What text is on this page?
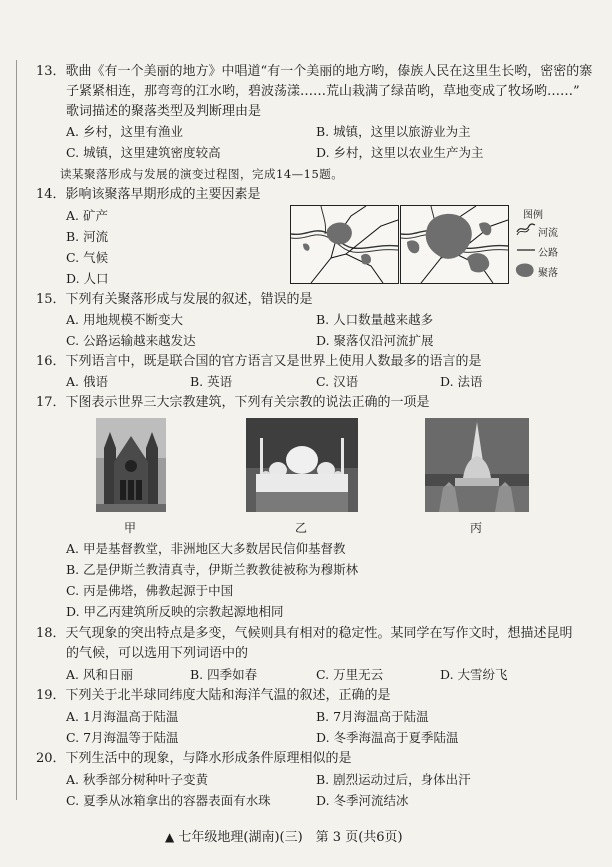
13．歌曲《有一个美丽的地方》中唱道“有一个美丽的地方哟，傣族人民在这里生长哟，密密的寨
子紧紧相连，那弯弯的江水哟，碧波荡漾……荒山栽满了绿苗哟，草地变成了牧场哟……”
歌词描述的聚落类型及判断理由是
A. 乡村，这里有渔业	B. 城镇，这里以旅游业为主
C. 城镇，这里建筑密度较高	D. 乡村，这里以农业生产为主
读某聚落形成与发展的演变过程图，完成14—15题。
14．影响该聚落早期形成的主要因素是
A. 矿产
B. 河流
C. 气候
D. 人口
图例
河流
公路
聚落
15．下列有关聚落形成与发展的叙述，错误的是
A. 用地规模不断变大	B. 人口数量越来越多
C. 公路运输越来越发达	D. 聚落仅沿河流扩展
16．下列语言中，既是联合国的官方语言又是世界上使用人数最多的语言的是
A. 俄语	B. 英语	C. 汉语	D. 法语
17．下图表示世界三大宗教建筑，下列有关宗教的说法正确的一项是
甲	乙	丙
A. 甲是基督教堂，非洲地区大多数居民信仰基督教
B. 乙是伊斯兰教清真寺，伊斯兰教教徒被称为穆斯林
C. 丙是佛塔，佛教起源于中国
D. 甲乙丙建筑所反映的宗教起源地相同
18．天气现象的突出特点是多变，气候则具有相对的稳定性。某同学在写作文时，想描述昆明
的气候，可以选用下列词语中的
A. 风和日丽	B. 四季如春	C. 万里无云	D. 大雪纷飞
19．下列关于北半球同纬度大陆和海洋气温的叙述，正确的是
A. 1月海温高于陆温	B. 7月海温高于陆温
C. 7月海温等于陆温	D. 冬季海温高于夏季陆温
20．下列生活中的现象，与降水形成条件原理相似的是
A. 秋季部分树种叶子变黄	B. 剧烈运动过后，身体出汗
C. 夏季从冰箱拿出的容器表面有水珠	D. 冬季河流结冰
▲ 七年级地理(湖南)(三)　第 3 页(共6页)
